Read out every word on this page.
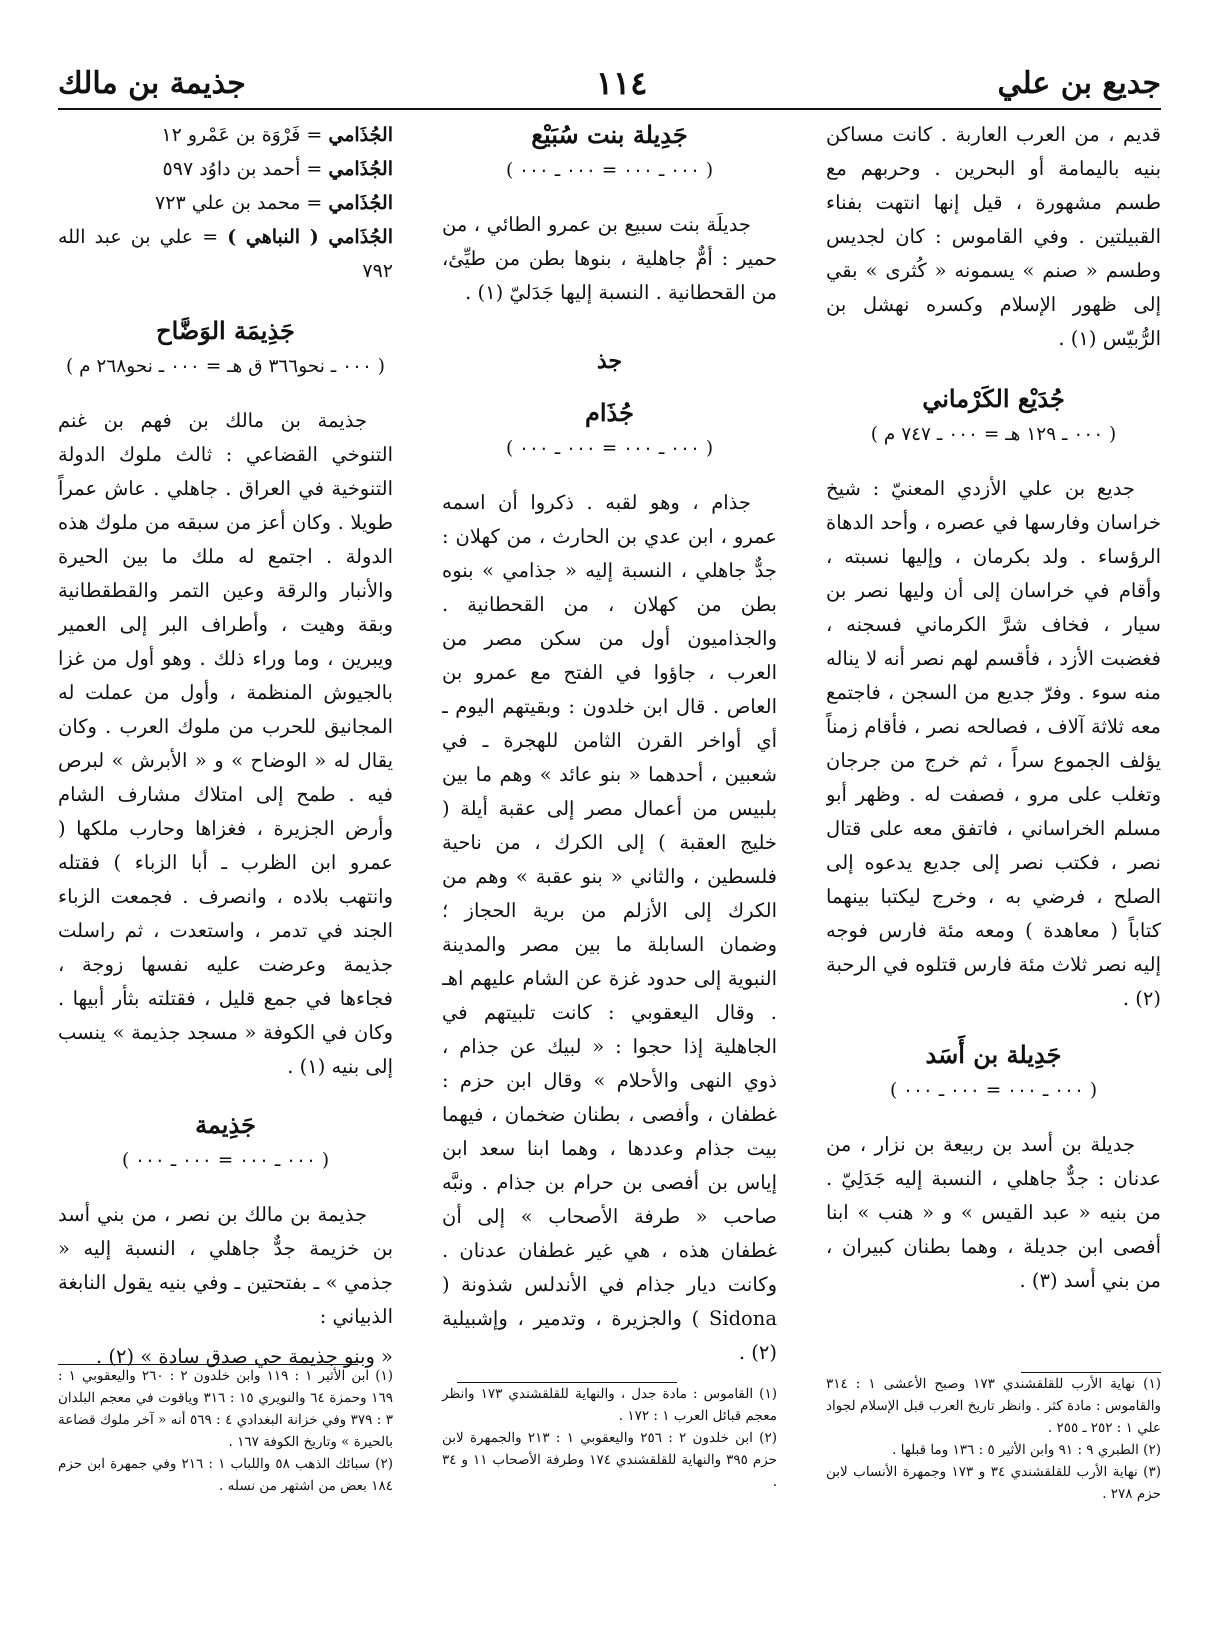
جديع بن علي
١١٤
جذيمة بن مالك

قديم ، من العرب العاربة . كانت مساكن بنيه باليمامة أو البحرين . وحربهم مع طسم مشهورة ، قيل إنها انتهت بفناء القبيلتين . وفي القاموس : كان لجديس وطسم « صنم » يسمونه « كُثرى » بقي إلى ظهور الإسلام وكسره نهشل بن الرُّبيّس (١) .

جُدَيْع الكَرْماني
( ٠٠٠ ـ ١٢٩ هـ = ٠٠٠ ـ ٧٤٧ م )

جديع بن علي الأزدي المعنيّ : شيخ خراسان وفارسها في عصره ، وأحد الدهاة الرؤساء . ولد بكرمان ، وإليها نسبته ، وأقام في خراسان إلى أن وليها نصر بن سيار ، فخاف شرَّ الكرماني فسجنه ، فغضبت الأزد ، فأقسم لهم نصر أنه لا يناله منه سوء . وفرّ جديع من السجن ، فاجتمع معه ثلاثة آلاف ، فصالحه نصر ، فأقام زمناً يؤلف الجموع سراً ، ثم خرج من جرجان وتغلب على مرو ، فصفت له . وظهر أبو مسلم الخراساني ، فاتفق معه على قتال نصر ، فكتب نصر إلى جديع يدعوه إلى الصلح ، فرضي به ، وخرج ليكتبا بينهما كتاباً ( معاهدة ) ومعه مئة فارس فوجه إليه نصر ثلاث مئة فارس قتلوه في الرحبة (٢) .

جَدِيلة بن أَسَد
( ٠٠٠ ـ ٠٠٠ = ٠٠٠ ـ ٠٠٠ )

جديلة بن أسد بن ربيعة بن نزار ، من عدنان : جدٌّ جاهلي ، النسبة إليه جَدَلِيّ . من بنيه « عبد القيس » و « هنب » ابنا أفصى ابن جديلة ، وهما بطنان كبيران ، من بني أسد (٣) .

(١) نهاية الأرب للقلقشندي ١٧٣ وصبح الأعشى ١ : ٣١٤ والقاموس : مادة كثر . وانظر تاريخ العرب قبل الإسلام لجواد علي ١ : ٢٥٢ ـ ٢٥٥ .
(٢) الطبري ٩ : ٩١ وابن الأثير ٥ : ١٣٦ وما قبلها .
(٣) نهاية الأرب للقلقشندي ٣٤ و ١٧٣ وجمهرة الأنساب لابن حزم ٢٧٨ .
جَدِيلة بنت سُبَيْع
( ٠٠٠ ـ ٠٠٠ = ٠٠٠ ـ ٠٠٠ )

جديلَة بنت سبيع بن عمرو الطائي ، من حمير : أمٌّ جاهلية ، بنوها بطن من طيِّئ، من القحطانية . النسبة إليها جَدَليّ (١) .

جذ
جُذَام
( ٠٠٠ ـ ٠٠٠ = ٠٠٠ ـ ٠٠٠ )

جذام ، وهو لقبه . ذكروا أن اسمه عمرو ، ابن عدي بن الحارث ، من كهلان : جدٌّ جاهلي ، النسبة إليه « جذامي » بنوه بطن من كهلان ، من القحطانية . والجذاميون أول من سكن مصر من العرب ، جاؤوا في الفتح مع عمرو بن العاص . قال ابن خلدون : وبقيتهم اليوم ـ أي أواخر القرن الثامن للهجرة ـ في شعبين ، أحدهما « بنو عائد » وهم ما بين بلبيس من أعمال مصر إلى عقبة أيلة ( خليج العقبة ) إلى الكرك ، من ناحية فلسطين ، والثاني « بنو عقبة » وهم من الكرك إلى الأزلم من برية الحجاز ؛ وضمان السابلة ما بين مصر والمدينة النبوية إلى حدود غزة عن الشام عليهم اهـ . وقال اليعقوبي : كانت تلبيتهم في الجاهلية إذا حجوا : « لبيك عن جذام ، ذوي النهى والأحلام » وقال ابن حزم : غطفان ، وأفصى ، بطنان ضخمان ، فيهما بيت جذام وعددها ، وهما ابنا سعد ابن إياس بن أفصى بن حرام بن جذام . ونبَّه صاحب « طرفة الأصحاب » إلى أن غطفان هذه ، هي غير غطفان عدنان . وكانت ديار جذام في الأندلس شذونة ( Sidona ) والجزيرة ، وتدمير ، وإشبيلية (٢) .

(١) القاموس : مادة جدل ، والنهاية للقلقشندي ١٧٣ وانظر معجم قبائل العرب ١ : ١٧٢ .
(٢) ابن خلدون ٢ : ٢٥٦ واليعقوبي ١ : ٢١٣ والجمهرة لابن حزم ٣٩٥ والنهاية للقلقشندي ١٧٤ وطرفة الأصحاب ١١ و ٣٤ .
الجُذَامي = فَرْوَة بن عَمْرو ١٢
الجُذَامي = أحمد بن داوُد ٥٩٧
الجُذَامي = محمد بن علي ٧٢٣
الجُذَامي ( النباهي ) = علي بن عبد الله ٧٩٢
جَذِيمَة الوَضَّاح
( ٠٠٠ ـ نحو٣٦٦ ق هـ = ٠٠٠ ـ نحو٢٦٨ م )

جذيمة بن مالك بن فهم بن غنم التنوخي القضاعي : ثالث ملوك الدولة التنوخية في العراق . جاهلي . عاش عمراً طويلا . وكان أعز من سبقه من ملوك هذه الدولة . اجتمع له ملك ما بين الحيرة والأنبار والرقة وعين التمر والقطقطانية وبقة وهيت ، وأطراف البر إلى العمير ويبرين ، وما وراء ذلك . وهو أول من غزا بالجيوش المنظمة ، وأول من عملت له المجانيق للحرب من ملوك العرب . وكان يقال له « الوضاح » و « الأبرش » لبرص فيه . طمح إلى امتلاك مشارف الشام وأرض الجزيرة ، فغزاها وحارب ملكها ( عمرو ابن الظرب ـ أبا الزباء ) فقتله وانتهب بلاده ، وانصرف . فجمعت الزباء الجند في تدمر ، واستعدت ، ثم راسلت جذيمة وعرضت عليه نفسها زوجة ، فجاءها في جمع قليل ، فقتلته بثأر أبيها . وكان في الكوفة « مسجد جذيمة » ينسب إلى بنيه (١) .

جَذِيمة
( ٠٠٠ ـ ٠٠٠ = ٠٠٠ ـ ٠٠٠ )

جذيمة بن مالك بن نصر ، من بني أسد بن خزيمة جدٌّ جاهلي ، النسبة إليه « جذمي » ـ بفتحتين ـ وفي بنيه يقول النابغة الذبياني :

« وبنو جذيمة حي صدق سادة » (٢) .

(١) ابن الأثير ١ : ١١٩ وابن خلدون ٢ : ٢٦٠ واليعقوبي ١ : ١٦٩ وحمزة ٦٤ والنويري ١٥ : ٣١٦ وياقوت في معجم البلدان ٣ : ٣٧٩ وفي خزانة البغدادي ٤ : ٥٦٩ أنه « آخر ملوك قضاعة بالحيرة » وتاريخ الكوفة ١٦٧ .
(٢) سبائك الذهب ٥٨ واللباب ١ : ٢١٦ وفي جمهرة ابن حزم ١٨٤ بعض من اشتهر من نسله .
